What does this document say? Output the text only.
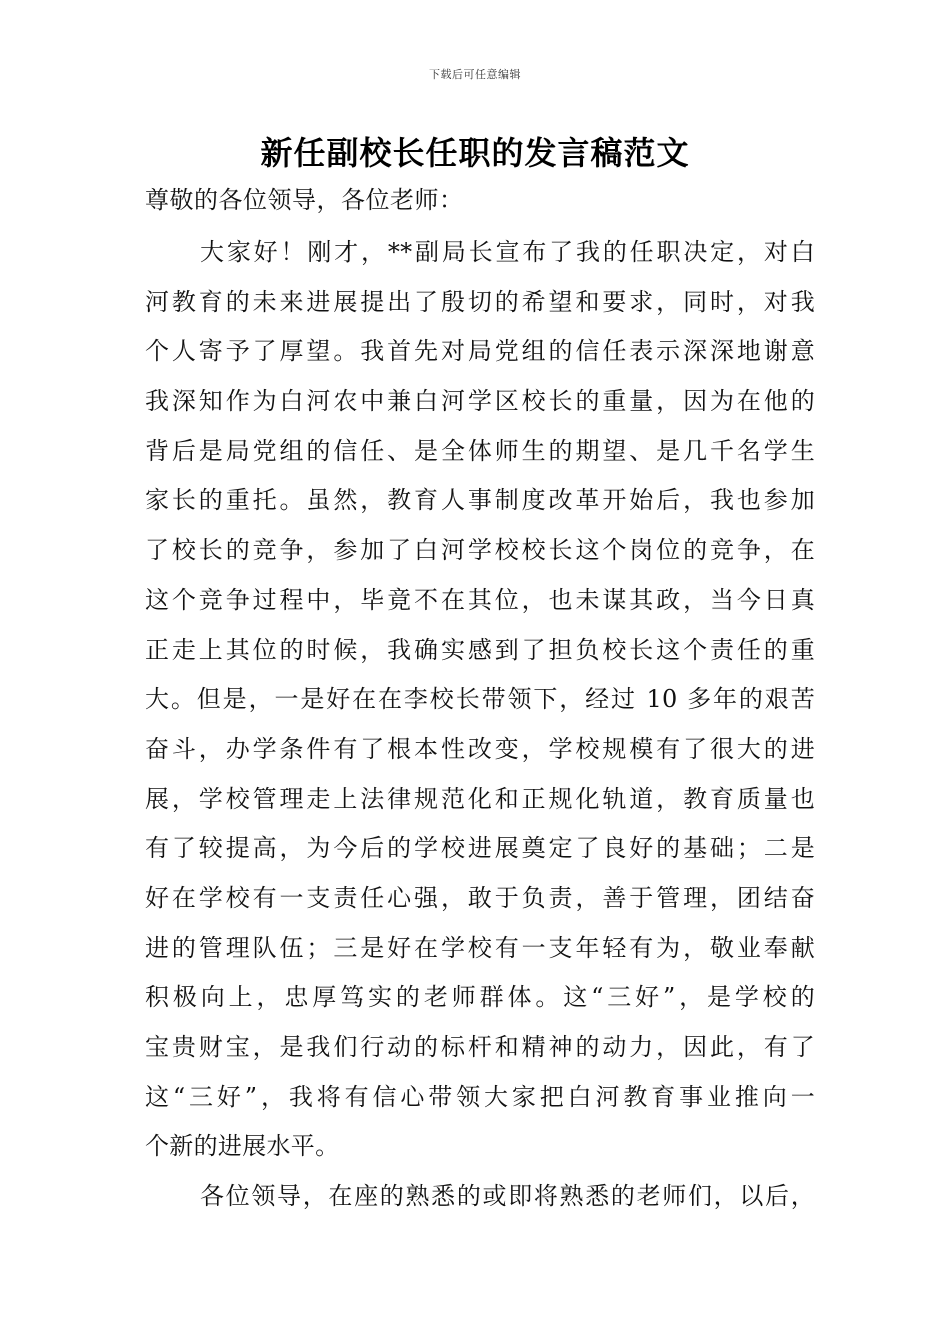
下载后可任意编辑
新任副校长任职的发言稿范文
尊敬的各位领导，各位老师：
大家好！刚才，**副局长宣布了我的任职决定，对白
河教育的未来进展提出了殷切的希望和要求，同时，对我
个人寄予了厚望。我首先对局党组的信任表示深深地谢意
我深知作为白河农中兼白河学区校长的重量，因为在他的
背后是局党组的信任、是全体师生的期望、是几千名学生
家长的重托。虽然，教育人事制度改革开始后，我也参加
了校长的竞争，参加了白河学校校长这个岗位的竞争，在
这个竞争过程中，毕竟不在其位，也未谋其政，当今日真
正走上其位的时候，我确实感到了担负校长这个责任的重
大。但是，一是好在在李校长带领下，经过 10 多年的艰苦
奋斗，办学条件有了根本性改变，学校规模有了很大的进
展，学校管理走上法律规范化和正规化轨道，教育质量也
有了较提高，为今后的学校进展奠定了良好的基础；二是
好在学校有一支责任心强，敢于负责，善于管理，团结奋
进的管理队伍；三是好在学校有一支年轻有为，敬业奉献
积极向上，忠厚笃实的老师群体。这“三好”，是学校的
宝贵财宝，是我们行动的标杆和精神的动力，因此，有了
这“三好”，我将有信心带领大家把白河教育事业推向一
个新的进展水平。
各位领导，在座的熟悉的或即将熟悉的老师们，以后，
